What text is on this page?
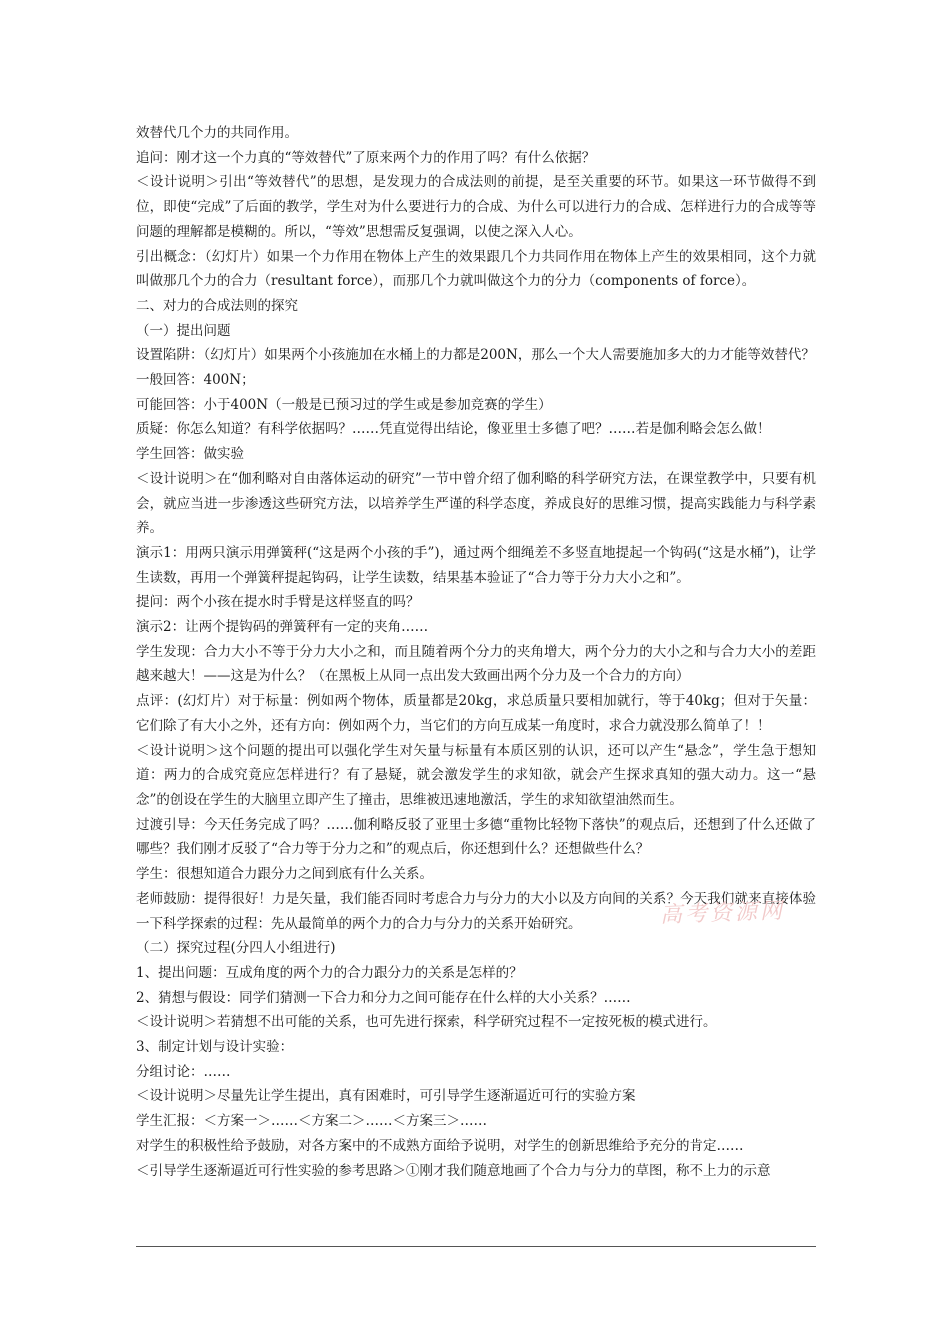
效替代几个力的共同作用。

追问：刚才这一个力真的“等效替代”了原来两个力的作用了吗？有什么依据？

＜设计说明＞引出“等效替代”的思想，是发现力的合成法则的前提，是至关重要的环节。如果这一环节做得不到位，即使“完成”了后面的教学，学生对为什么要进行力的合成、为什么可以进行力的合成、怎样进行力的合成等等问题的理解都是模糊的。所以，“等效”思想需反复强调，以使之深入人心。

引出概念：（幻灯片）如果一个力作用在物体上产生的效果跟几个力共同作用在物体上产生的效果相同，这个力就叫做那几个力的合力（resultant force），而那几个力就叫做这个力的分力（components of force）。

二、对力的合成法则的探究

（一）提出问题

设置陷阱：（幻灯片）如果两个小孩施加在水桶上的力都是200N，那么一个大人需要施加多大的力才能等效替代？

一般回答：400N；

可能回答：小于400N（一般是已预习过的学生或是参加竞赛的学生）

质疑：你怎么知道？有科学依据吗？……凭直觉得出结论，像亚里士多德了吧？……若是伽利略会怎么做！

学生回答：做实验

＜设计说明＞在“伽利略对自由落体运动的研究”一节中曾介绍了伽利略的科学研究方法，在课堂教学中，只要有机会，就应当进一步渗透这些研究方法，以培养学生严谨的科学态度，养成良好的思维习惯，提高实践能力与科学素养。

演示1：用两只演示用弹簧秤(“这是两个小孩的手”)，通过两个细绳差不多竖直地提起一个钩码(“这是水桶”)，让学生读数，再用一个弹簧秤提起钩码，让学生读数，结果基本验证了“合力等于分力大小之和”。

提问：两个小孩在提水时手臂是这样竖直的吗？

演示2：让两个提钩码的弹簧秤有一定的夹角……

学生发现：合力大小不等于分力大小之和，而且随着两个分力的夹角增大，两个分力的大小之和与合力大小的差距越来越大！——这是为什么？（在黑板上从同一点出发大致画出两个分力及一个合力的方向）

点评：(幻灯片）对于标量：例如两个物体，质量都是20kg，求总质量只要相加就行，等于40kg；但对于矢量：它们除了有大小之外，还有方向：例如两个力，当它们的方向互成某一角度时，求合力就没那么简单了！！

＜设计说明＞这个问题的提出可以强化学生对矢量与标量有本质区别的认识，还可以产生“悬念”，学生急于想知道：两力的合成究竟应怎样进行？有了悬疑，就会激发学生的求知欲，就会产生探求真知的强大动力。这一“悬念”的创设在学生的大脑里立即产生了撞击，思维被迅速地激活，学生的求知欲望油然而生。

过渡引导：今天任务完成了吗？……伽利略反驳了亚里士多德“重物比轻物下落快”的观点后，还想到了什么还做了哪些？我们刚才反驳了“合力等于分力之和”的观点后，你还想到什么？还想做些什么？

学生：很想知道合力跟分力之间到底有什么关系。

老师鼓励：提得很好！力是矢量，我们能否同时考虑合力与分力的大小以及方向间的关系？今天我们就来直接体验一下科学探索的过程：先从最简单的两个力的合力与分力的关系开始研究。

（二）探究过程(分四人小组进行)

1、提出问题：互成角度的两个力的合力跟分力的关系是怎样的？

2、猜想与假设：同学们猜测一下合力和分力之间可能存在什么样的大小关系？……

＜设计说明＞若猜想不出可能的关系，也可先进行探索，科学研究过程不一定按死板的模式进行。

3、制定计划与设计实验：

分组讨论：……

＜设计说明＞尽量先让学生提出，真有困难时，可引导学生逐渐逼近可行的实验方案

学生汇报：＜方案一＞……＜方案二＞……＜方案三＞……

对学生的积极性给予鼓励，对各方案中的不成熟方面给予说明，对学生的创新思维给予充分的肯定……

＜引导学生逐渐逼近可行性实验的参考思路＞①刚才我们随意地画了个合力与分力的草图，称不上力的示意

高考资源网
